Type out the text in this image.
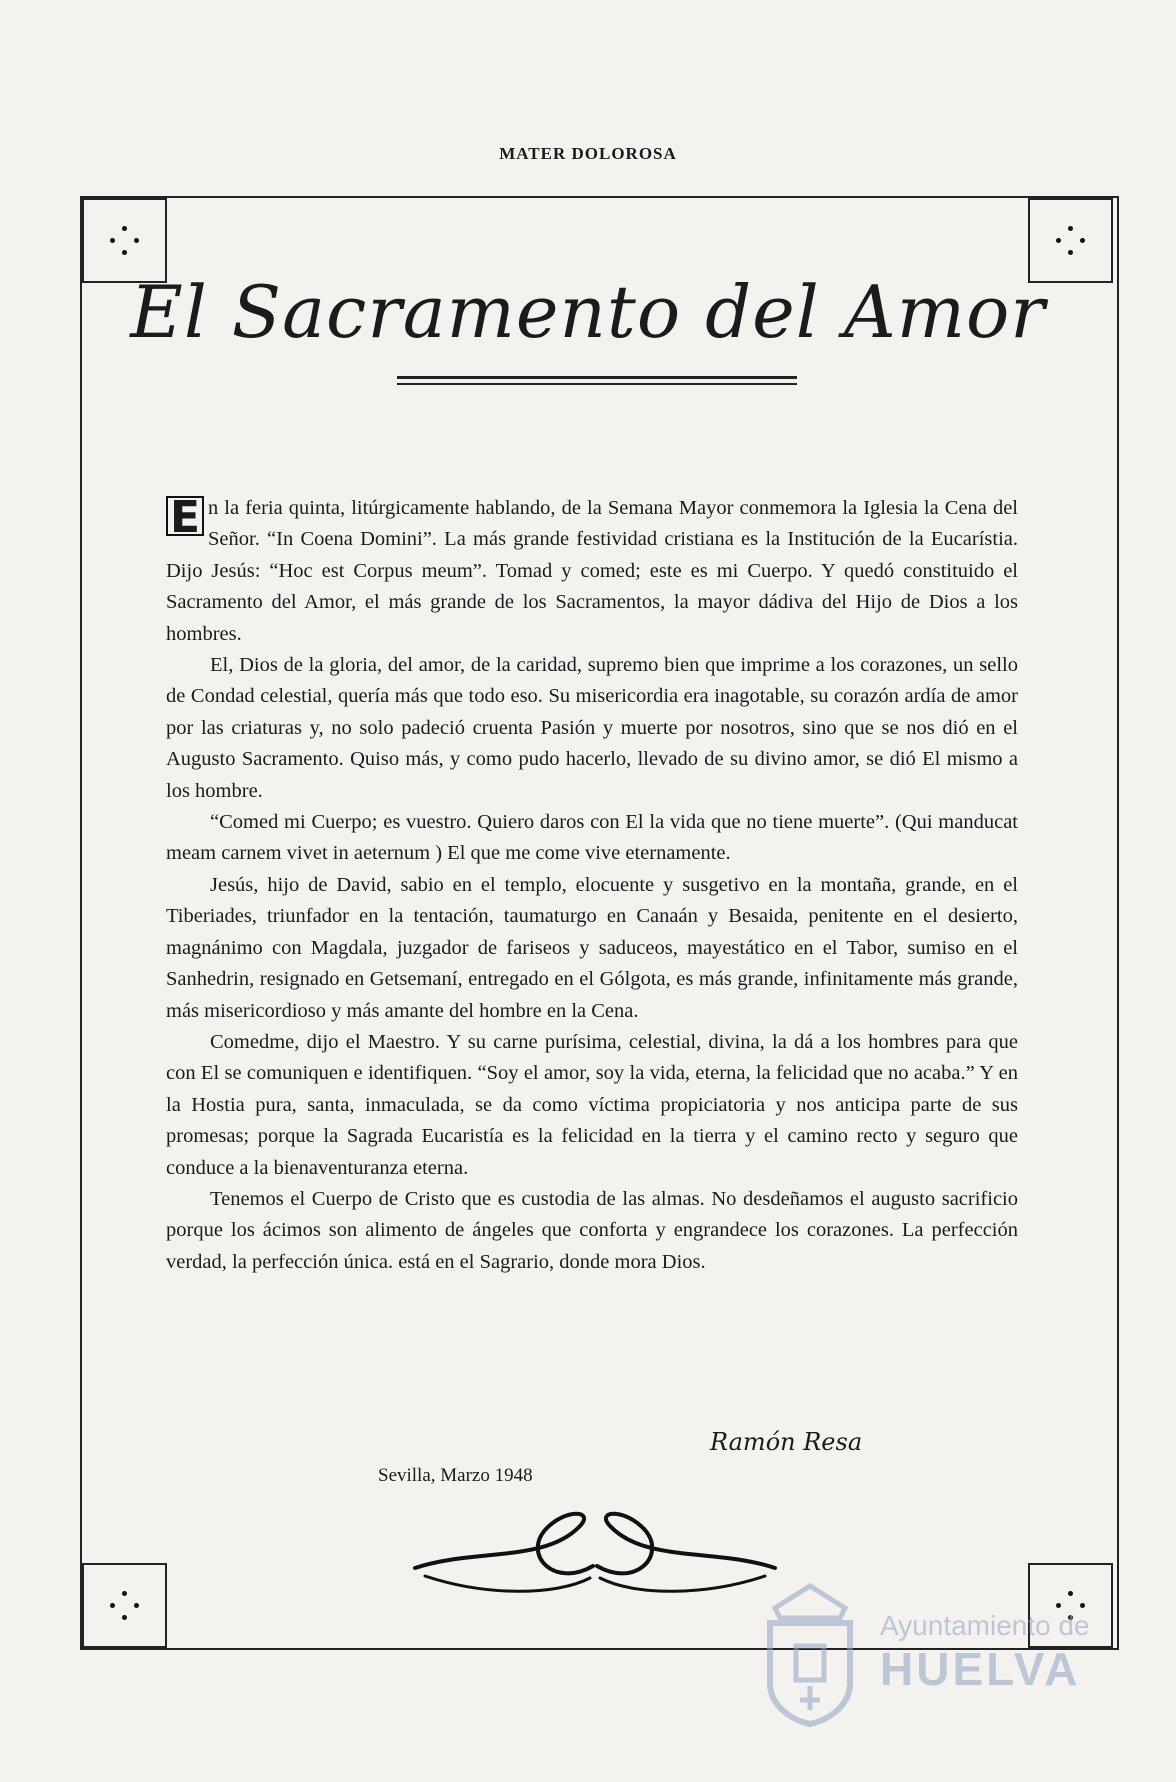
MATER DOLOROSA
El Sacramento del Amor

E n la feria quinta, litúrgicamente hablando, de la Semana Mayor conmemora la Iglesia la Cena del Señor. “In Coena Domini”. La más grande festividad cristiana es la Institución de la Eucarístia. Dijo Jesús: “Hoc est Corpus meum”. Tomad y comed; este es mi Cuerpo. Y quedó constituido el Sacramento del Amor, el más grande de los Sacramentos, la mayor dádiva del Hijo de Dios a los hombres.

El, Dios de la gloria, del amor, de la caridad, supremo bien que imprime a los corazones, un sello de Condad celestial, quería más que todo eso. Su misericordia era inagotable, su corazón ardía de amor por las criaturas y, no solo padeció cruenta Pasión y muerte por nosotros, sino que se nos dió en el Augusto Sacramento. Quiso más, y como pudo hacerlo, llevado de su divino amor, se dió El mismo a los hombre.

“Comed mi Cuerpo; es vuestro. Quiero daros con El la vida que no tiene muerte”. (Qui manducat meam carnem vivet in aeternum ) El que me come vive eternamente.

Jesús, hijo de David, sabio en el templo, elocuente y susgetivo en la montaña, grande, en el Tiberiades, triunfador en la tentación, taumaturgo en Canaán y Besaida, penitente en el desierto, magnánimo con Magdala, juzgador de fariseos y saduceos, mayestático en el Tabor, sumiso en el Sanhedrin, resignado en Getsemaní, entregado en el Gólgota, es más grande, infinitamente más grande, más misericordioso y más amante del hombre en la Cena.

Comedme, dijo el Maestro. Y su carne purísima, celestial, divina, la dá a los hombres para que con El se comuniquen e identifiquen. “Soy el amor, soy la vida, eterna, la felicidad que no acaba.” Y en la Hostia pura, santa, inmaculada, se da como víctima propiciatoria y nos anticipa parte de sus promesas; porque la Sagrada Eucaristía es la felicidad en la tierra y el camino recto y seguro que conduce a la bienaventuranza eterna.

Tenemos el Cuerpo de Cristo que es custodia de las almas. No desdeñamos el augusto sacrificio porque los ácimos son alimento de ángeles que conforta y engrandece los corazones. La perfección verdad, la perfección única. está en el Sagrario, donde mora Dios.

Ramón Resa
Sevilla, Marzo 1948
Ayuntamiento de
HUELVA
